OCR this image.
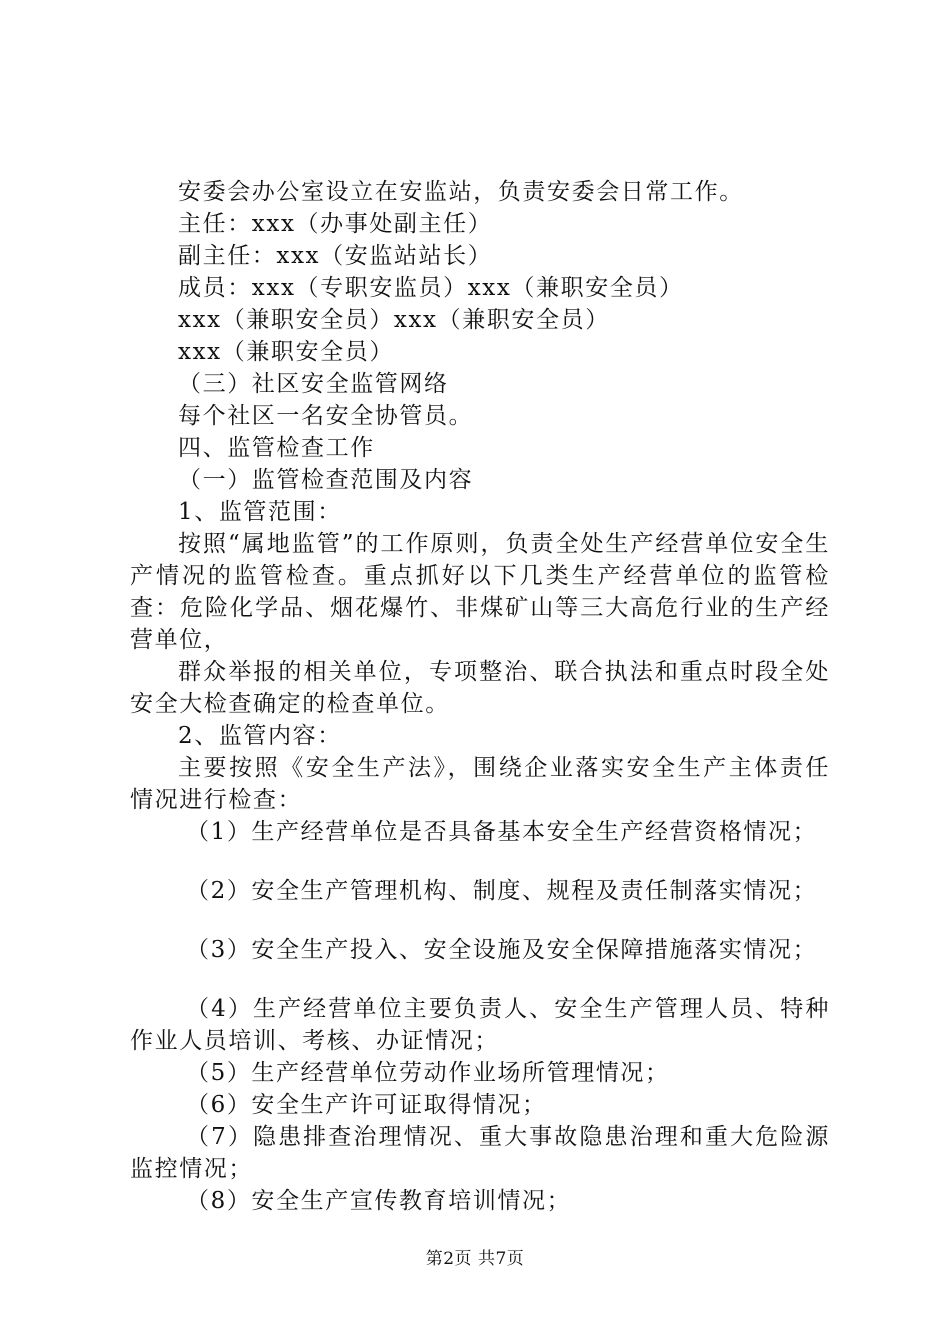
安委会办公室设立在安监站，负责安委会日常工作。
主任：xxx（办事处副主任）
副主任：xxx（安监站站长）
成员：xxx（专职安监员）xxx（兼职安全员）
xxx（兼职安全员）xxx（兼职安全员）
xxx（兼职安全员）
（三）社区安全监管网络
每个社区一名安全协管员。
四、监管检查工作
（一）监管检查范围及内容
1、监管范围：

按照“属地监管”的工作原则，负责全处生产经营单位安全生产情况的监管检查。重点抓好以下几类生产经营单位的监管检查：危险化学品、烟花爆竹、非煤矿山等三大高危行业的生产经营单位，

群众举报的相关单位，专项整治、联合执法和重点时段全处安全大检查确定的检查单位。

2、监管内容：

主要按照《安全生产法》，围绕企业落实安全生产主体责任情况进行检查：

（1）生产经营单位是否具备基本安全生产经营资格情况；
（2）安全生产管理机构、制度、规程及责任制落实情况；
（3）安全生产投入、安全设施及安全保障措施落实情况；

（4）生产经营单位主要负责人、安全生产管理人员、特种作业人员培训、考核、办证情况；

（5）生产经营单位劳动作业场所管理情况；
（6）安全生产许可证取得情况；

（7）隐患排查治理情况、重大事故隐患治理和重大危险源监控情况；

（8）安全生产宣传教育培训情况；
第2页 共7页
